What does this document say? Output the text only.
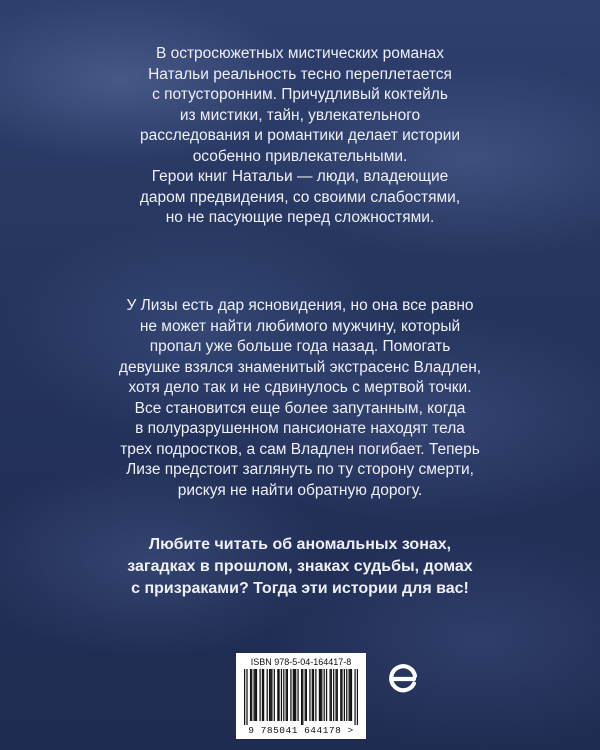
В остросюжетных мистических романах
Натальи реальность тесно переплетается
с потусторонним. Причудливый коктейль
из мистики, тайн, увлекательного
расследования и романтики делает истории
особенно привлекательными.
Герои книг Натальи — люди, владеющие
даром предвидения, со своими слабостями,
но не пасующие перед сложностями.
У Лизы есть дар ясновидения, но она все равно
не может найти любимого мужчину, который
пропал уже больше года назад. Помогать
девушке взялся знаменитый экстрасенс Владлен,
хотя дело так и не сдвинулось с мертвой точки.
Все становится еще более запутанным, когда
в полуразрушенном пансионате находят тела
трех подростков, а сам Владлен погибает. Теперь
Лизе предстоит заглянуть по ту сторону смерти,
рискуя не найти обратную дорогу.
Любите читать об аномальных зонах,
загадках в прошлом, знаках судьбы, домах
с призраками? Тогда эти истории для вас!
ISBN 978-5-04-164417-8
9 785041 644178 >
